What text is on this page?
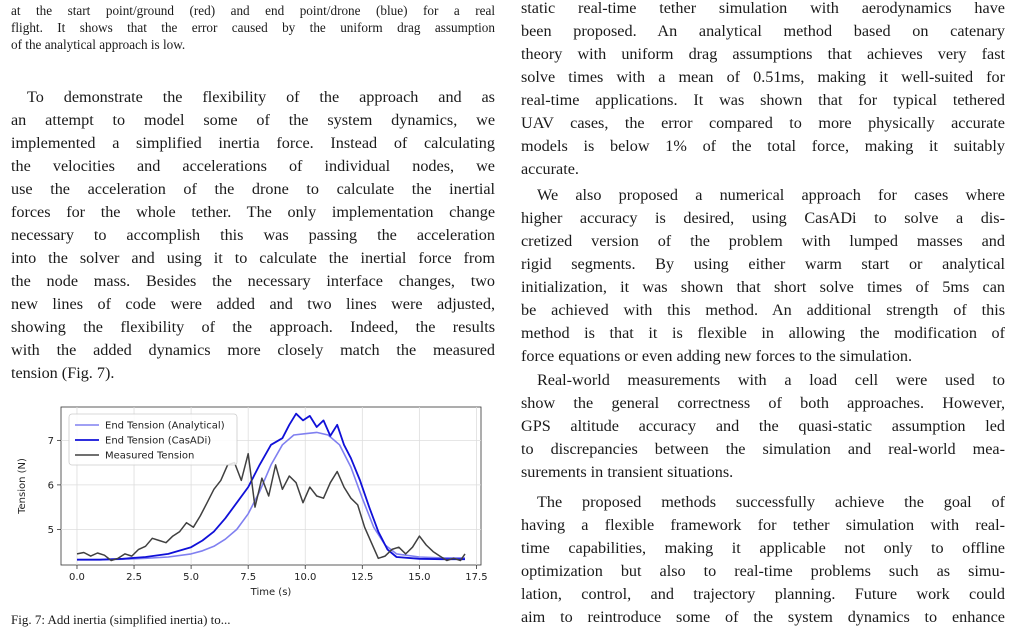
at the start point/ground (red) and end point/drone (blue) for a real
flight. It shows that the error caused by the uniform drag assumption
of the analytical approach is low.
To demonstrate the flexibility of the approach and as
an attempt to model some of the system dynamics, we
implemented a simplified inertia force. Instead of calculating
the velocities and accelerations of individual nodes, we
use the acceleration of the drone to calculate the inertial
forces for the whole tether. The only implementation change
necessary to accomplish this was passing the acceleration
into the solver and using it to calculate the inertial force from
the node mass. Besides the necessary interface changes, two
new lines of code were added and two lines were adjusted,
showing the flexibility of the approach. Indeed, the results
with the added dynamics more closely match the measured
tension (Fig. 7).
Fig. 7: Add inertia (simplified inertia) to...
0.0	2.5	5.0	7.5	10.0	12.5	15.0	17.5
5
6
7
Time (s)
Tension (N)
End Tension (Analytical)
End Tension (CasADi)
Measured Tension
static real-time tether simulation with aerodynamics have
been proposed. An analytical method based on catenary
theory with uniform drag assumptions that achieves very fast
solve times with a mean of 0.51ms, making it well-suited for
real-time applications. It was shown that for typical tethered
UAV cases, the error compared to more physically accurate
models is below 1% of the total force, making it suitably
accurate.
We also proposed a numerical approach for cases where
higher accuracy is desired, using CasADi to solve a dis-
cretized version of the problem with lumped masses and
rigid segments. By using either warm start or analytical
initialization, it was shown that short solve times of 5ms can
be achieved with this method. An additional strength of this
method is that it is flexible in allowing the modification of
force equations or even adding new forces to the simulation.
Real-world measurements with a load cell were used to
show the general correctness of both approaches. However,
GPS altitude accuracy and the quasi-static assumption led
to discrepancies between the simulation and real-world mea-
surements in transient situations.
The proposed methods successfully achieve the goal of
having a flexible framework for tether simulation with real-
time capabilities, making it applicable not only to offline
optimization but also to real-time problems such as simu-
lation, control, and trajectory planning. Future work could
aim to reintroduce some of the system dynamics to enhance
